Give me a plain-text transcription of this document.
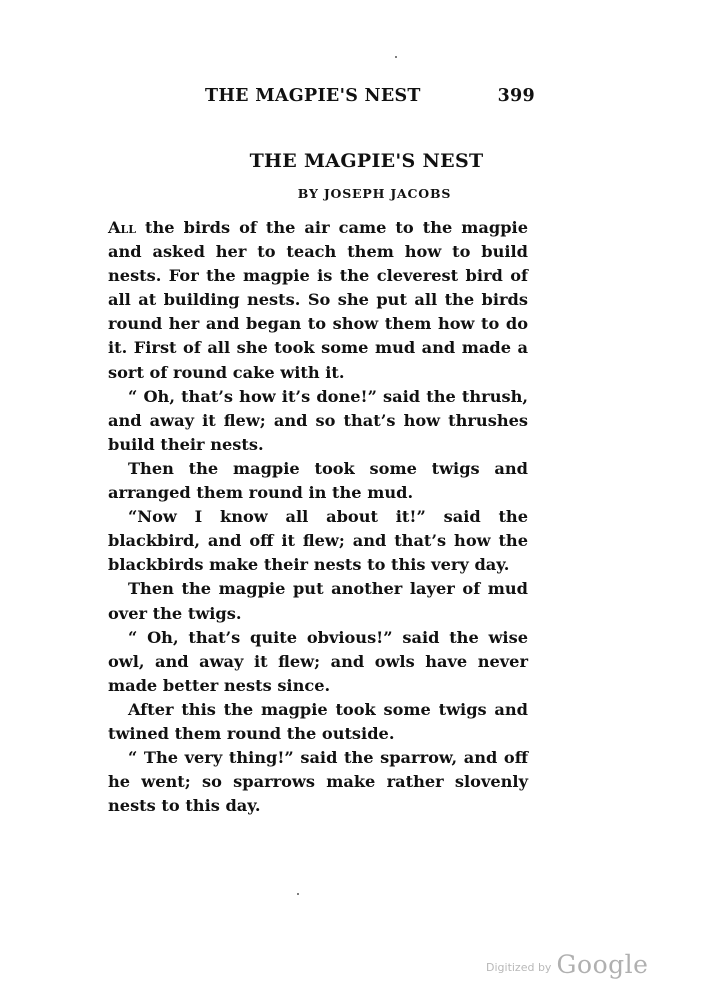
THE MAGPIE'S NEST	399
THE MAGPIE'S NEST
BY JOSEPH JACOBS

All the birds of the air came to the magpie and asked her to teach them how to build nests. For the magpie is the cleverest bird of all at building nests. So she put all the birds round her and began to show them how to do it. First of all she took some mud and made a sort of round cake with it.

“ Oh, that’s how it’s done!” said the thrush, and away it flew; and so that’s how thrushes build their nests.

Then the magpie took some twigs and arranged them round in the mud.

“Now I know all about it!” said the blackbird, and off it flew; and that’s how the blackbirds make their nests to this very day.

Then the magpie put another layer of mud over the twigs.

“ Oh, that’s quite obvious!” said the wise owl, and away it flew; and owls have never made better nests since.

After this the magpie took some twigs and twined them round the outside.

“ The very thing!” said the sparrow, and off he went; so sparrows make rather slovenly nests to this day.

Digitized by Google
